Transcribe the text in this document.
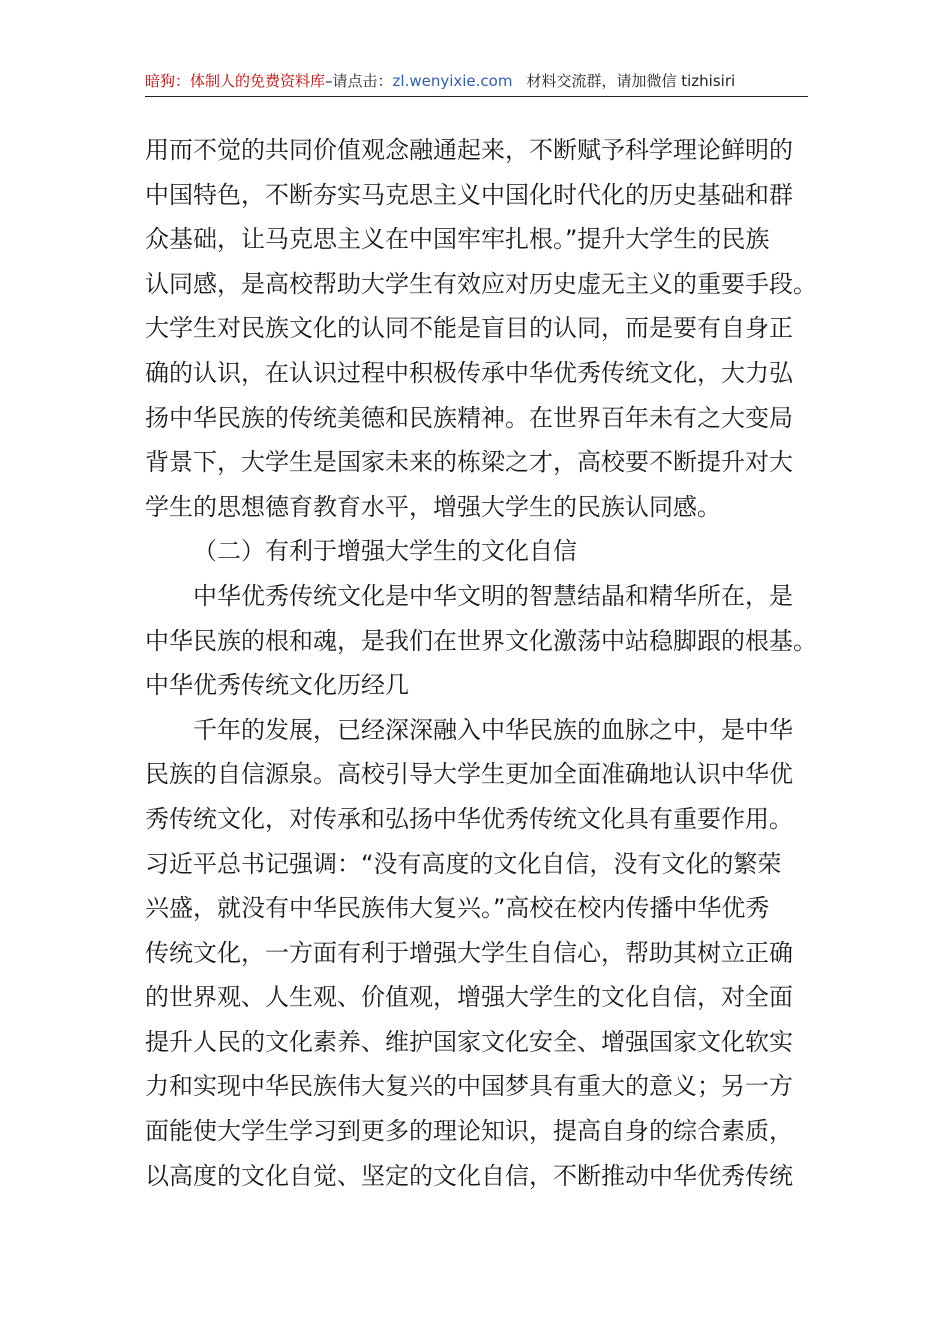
暗狗：体制人的免费资料库–请点击：zl.wenyixie.com 材料交流群，请加微信 tizhisiri
用而不觉的共同价值观念融通起来，不断赋予科学理论鲜明的
中国特色，不断夯实马克思主义中国化时代化的历史基础和群
众基础，让马克思主义在中国牢牢扎根。”提升大学生的民族
认同感，是高校帮助大学生有效应对历史虚无主义的重要手段。
大学生对民族文化的认同不能是盲目的认同，而是要有自身正
确的认识，在认识过程中积极传承中华优秀传统文化，大力弘
扬中华民族的传统美德和民族精神。在世界百年未有之大变局
背景下，大学生是国家未来的栋梁之才，高校要不断提升对大
学生的思想德育教育水平，增强大学生的民族认同感。
（二）有利于增强大学生的文化自信
中华优秀传统文化是中华文明的智慧结晶和精华所在，是
中华民族的根和魂，是我们在世界文化激荡中站稳脚跟的根基。
中华优秀传统文化历经几
千年的发展，已经深深融入中华民族的血脉之中，是中华
民族的自信源泉。高校引导大学生更加全面准确地认识中华优
秀传统文化，对传承和弘扬中华优秀传统文化具有重要作用。
习近平总书记强调：“没有高度的文化自信，没有文化的繁荣
兴盛，就没有中华民族伟大复兴。”高校在校内传播中华优秀
传统文化，一方面有利于增强大学生自信心，帮助其树立正确
的世界观、人生观、价值观，增强大学生的文化自信，对全面
提升人民的文化素养、维护国家文化安全、增强国家文化软实
力和实现中华民族伟大复兴的中国梦具有重大的意义；另一方
面能使大学生学习到更多的理论知识，提高自身的综合素质，
以高度的文化自觉、坚定的文化自信，不断推动中华优秀传统
